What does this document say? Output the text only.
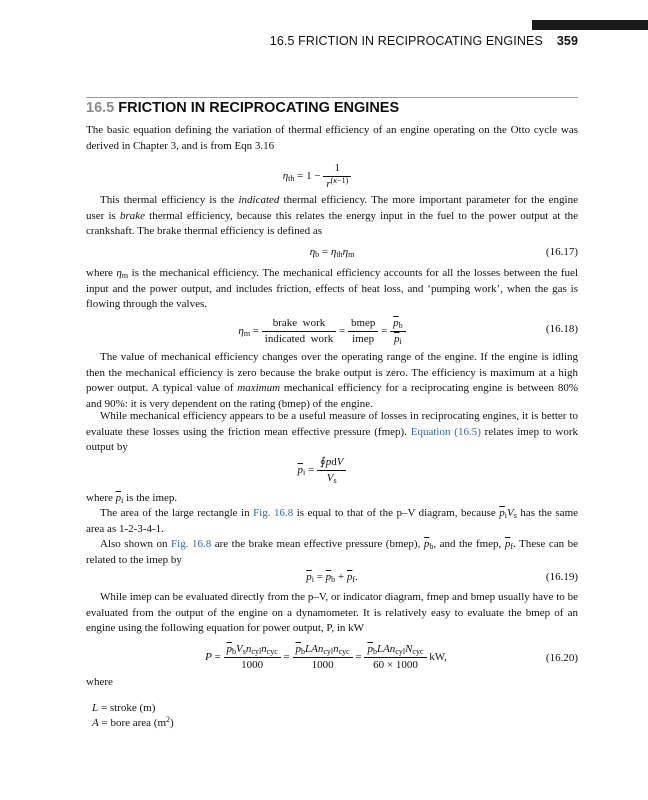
16.5 FRICTION IN RECIPROCATING ENGINES 359
16.5 FRICTION IN RECIPROCATING ENGINES

The basic equation defining the variation of thermal efficiency of an engine operating on the Otto cycle was derived in Chapter 3, and is from Eqn 3.16

$\eta_{th} = 1 - \frac{1}{r^{(\kappa-1)}}$

This thermal efficiency is the indicated thermal efficiency. The more important parameter for the engine user is brake thermal efficiency, because this relates the energy input in the fuel to the power output at the crankshaft. The brake thermal efficiency is defined as

$\eta_b = \eta_{th}\eta_m$	(16.17)

where $\eta_m$ is the mechanical efficiency. The mechanical efficiency accounts for all the losses between the fuel input and the power output, and includes friction, effects of heat loss, and ‘pumping work’, when the gas is flowing through the valves.

$\eta_m = \frac{\text{brake  work}}{\text{indicated  work}} = \frac{\text{bmep}}{\text{imep}} = \frac{\overline{p}_b}{\overline{p}_i}$	(16.18)

The value of mechanical efficiency changes over the operating range of the engine. If the engine is idling then the mechanical efficiency is zero because the brake output is zero. The efficiency is maximum at a high power output. A typical value of maximum mechanical efficiency for a reciprocating engine is between 80% and 90%: it is very dependent on the rating (bmep) of the engine.

While mechanical efficiency appears to be a useful measure of losses in reciprocating engines, it is better to evaluate these losses using the friction mean effective pressure (fmep). Equation (16.5) relates imep to work output by

$\overline{p}_i = \frac{\text{∮pdV}}{V_s}$

where $\overline{p}_i$ is the imep.

The area of the large rectangle in Fig. 16.8 is equal to that of the p–V diagram, because $\overline{p}_iV_s$ has the same area as 1-2-3-4-1.

Also shown on Fig. 16.8 are the brake mean effective pressure (bmep), $\overline{p}_b$, and the fmep, $\overline{p}_f$. These can be related to the imep by

$\overline{p}_i = \overline{p}_b + \overline{p}_f$.	(16.19)

While imep can be evaluated directly from the p–V, or indicator diagram, fmep and bmep usually have to be evaluated from the output of the engine on a dynamometer. It is relatively easy to evaluate the bmep of an engine using the following equation for power output, P, in kW

$P = \frac{\overline{p}_bV_sn_{cyl}n_{cyc}}{1000} = \frac{\overline{p}_bLAn_{cyl}n_{cyc}}{1000} = \frac{\overline{p}_bLAn_{cyl}N_{cyc}}{60 \times 1000}$ kW,	(16.20)

where

L = stroke (m)
A = bore area $(m^2)$
